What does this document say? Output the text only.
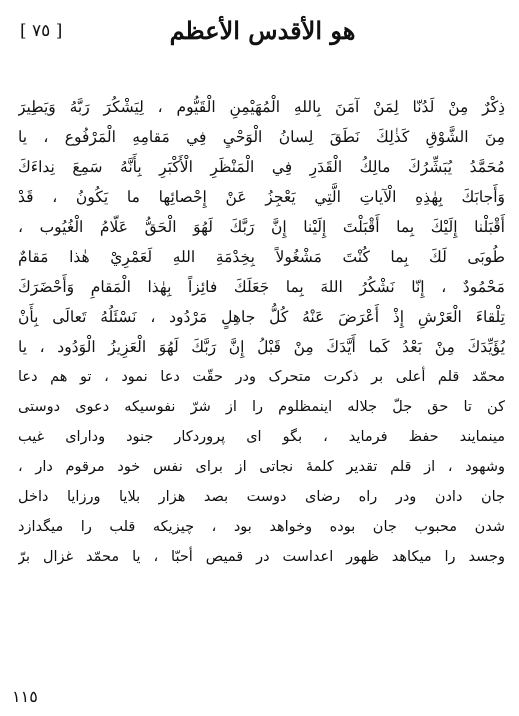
هو الأقدس الأعظم
[ ٧٥ ]
ذِكْرٌ مِنْ لَدُنّا لِمَنْ آمَنَ بِاللهِ الْمُهَيْمِنِ الْقَيُّوم ، لِيَشْكُرَ رَبَّهُ وَيَطِيرَ
مِنَ الشَّوْقِ كَذٰلِكَ نَطَقَ لِسانُ الْوَحْيِ فِي مَقامِهِ الْمَرْفُوع ، يا
مُحَمَّدُ يُبَشِّرُكَ مالِكُ الْقَدَرِ فِي الْمَنْظَرِ الْأَكْبَرِ بِأَنَّهُ سَمِعَ نِداءَكَ
وَأَجابَكَ بِهٰذِهِ الْآياتِ الَّتِي يَعْجِزُ عَنْ إِحْصائِها ما يَكُونُ ، قَدْ
أَقْبَلْنا إِلَيْكَ بِما أَقْبَلْتَ إِلَيْنا إِنَّ رَبَّكَ لَهُوَ الْحَقُّ عَلّامُ الْغُيُوب ،
طُوبَى لَكَ بِما كُنْتَ مَشْغُولاً بِخِدْمَةِ اللهِ لَعَمْرِيْ هٰذا مَقامٌ
مَحْمُودٌ ، إِنّا نَشْكُرُ اللهَ بِما جَعَلَكَ فائِزاً بِهٰذا الْمَقامِ وَأَحْضَرَكَ
تِلْقاءَ الْعَرْشِ إِذْ أَعْرَضَ عَنْهُ كُلُّ جاهِلٍ مَرْدُود ، نَسْئَلُهُ تَعالَى بِأَنْ
يُؤَيِّدَكَ مِنْ بَعْدُ كَما أَيَّدَكَ مِنْ قَبْلُ إِنَّ رَبَّكَ لَهُوَ الْعَزِيزُ الْوَدُود ، يا
محمّد قلم أعلى بر ذکرت متحرک ودر حقّت دعا نمود ، تو هم دعا
کن تا حق جلّ جلاله اینمظلوم را از شرّ نفوسیکه دعوی دوستی
مینمایند حفظ فرماید ، بگو ای پروردکار جنود ودارای غیب
وشهود ، از قلم تقدیر کلمهٔ نجاتی از برای نفس خود مرقوم دار ،
جان دادن ودر راه رضای دوست بصد هزار بلایا ورزایا داخل
شدن محبوب جان بوده وخواهد بود ، چیزیکه قلب را میگدازد
وجسد را میکاهد ظهور اعداست در قمیص أحبّا ، یا محمّد غزال برّ
١١٥
